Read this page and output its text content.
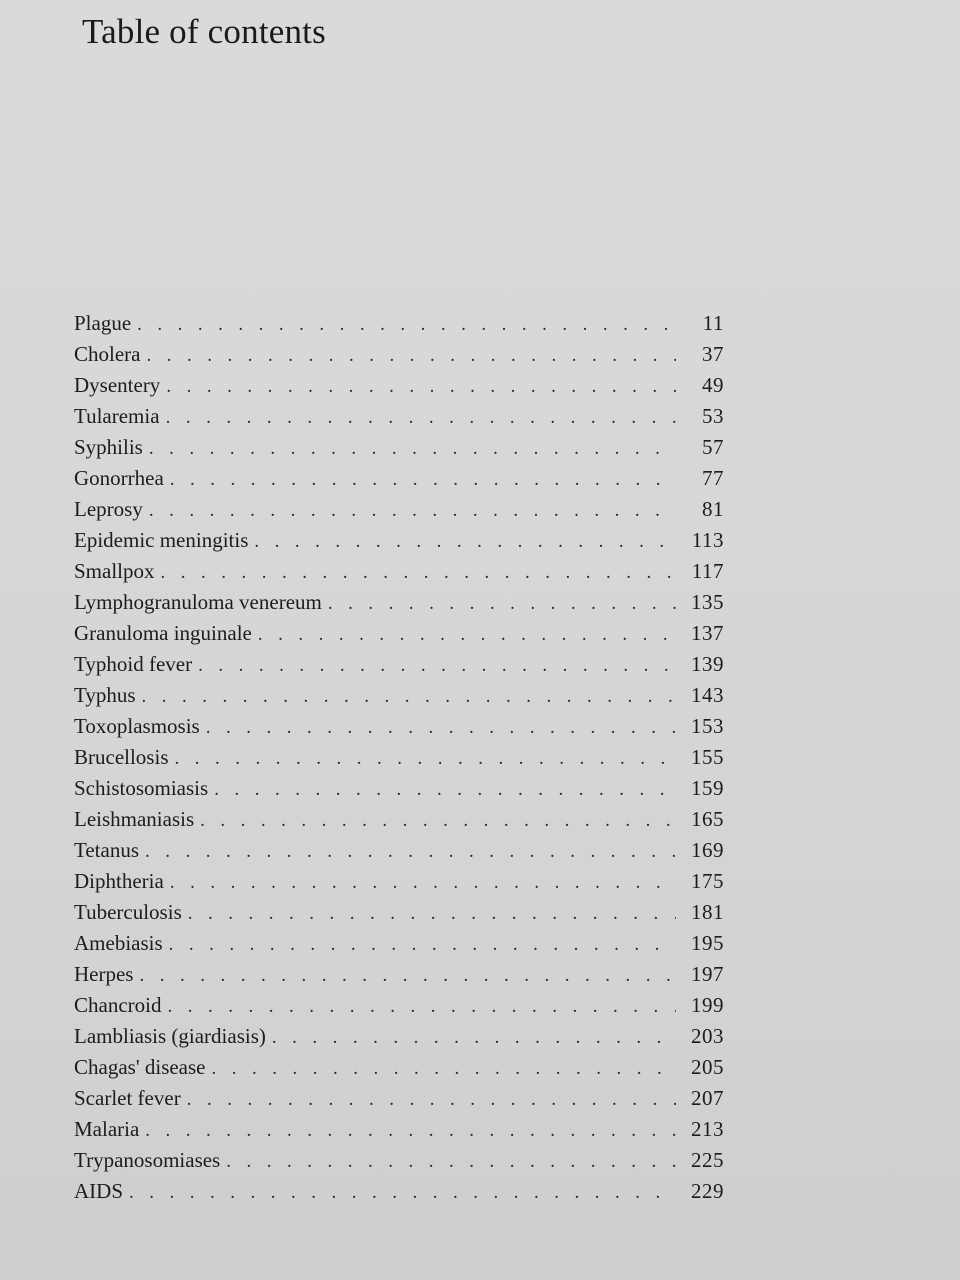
Table of contents
Plague . .	11
Cholera . .	37
Dysentery . .	49
Tularemia . .	53
Syphilis . .	57
Gonorrhea . .	77
Leprosy . .	81
Epidemic meningitis . .	113
Smallpox . .	117
Lymphogranuloma venereum . .	135
Granuloma inguinale . .	137
Typhoid fever . .	139
Typhus . .	143
Toxoplasmosis . .	153
Brucellosis . .	155
Schistosomiasis . .	159
Leishmaniasis . .	165
Tetanus . .	169
Diphtheria . .	175
Tuberculosis . .	181
Amebiasis . .	195
Herpes . .	197
Chancroid . .	199
Lambliasis (giardiasis) . .	203
Chagas' disease . .	205
Scarlet fever . .	207
Malaria . .	213
Trypanosomiases . .	225
AIDS . .	229
